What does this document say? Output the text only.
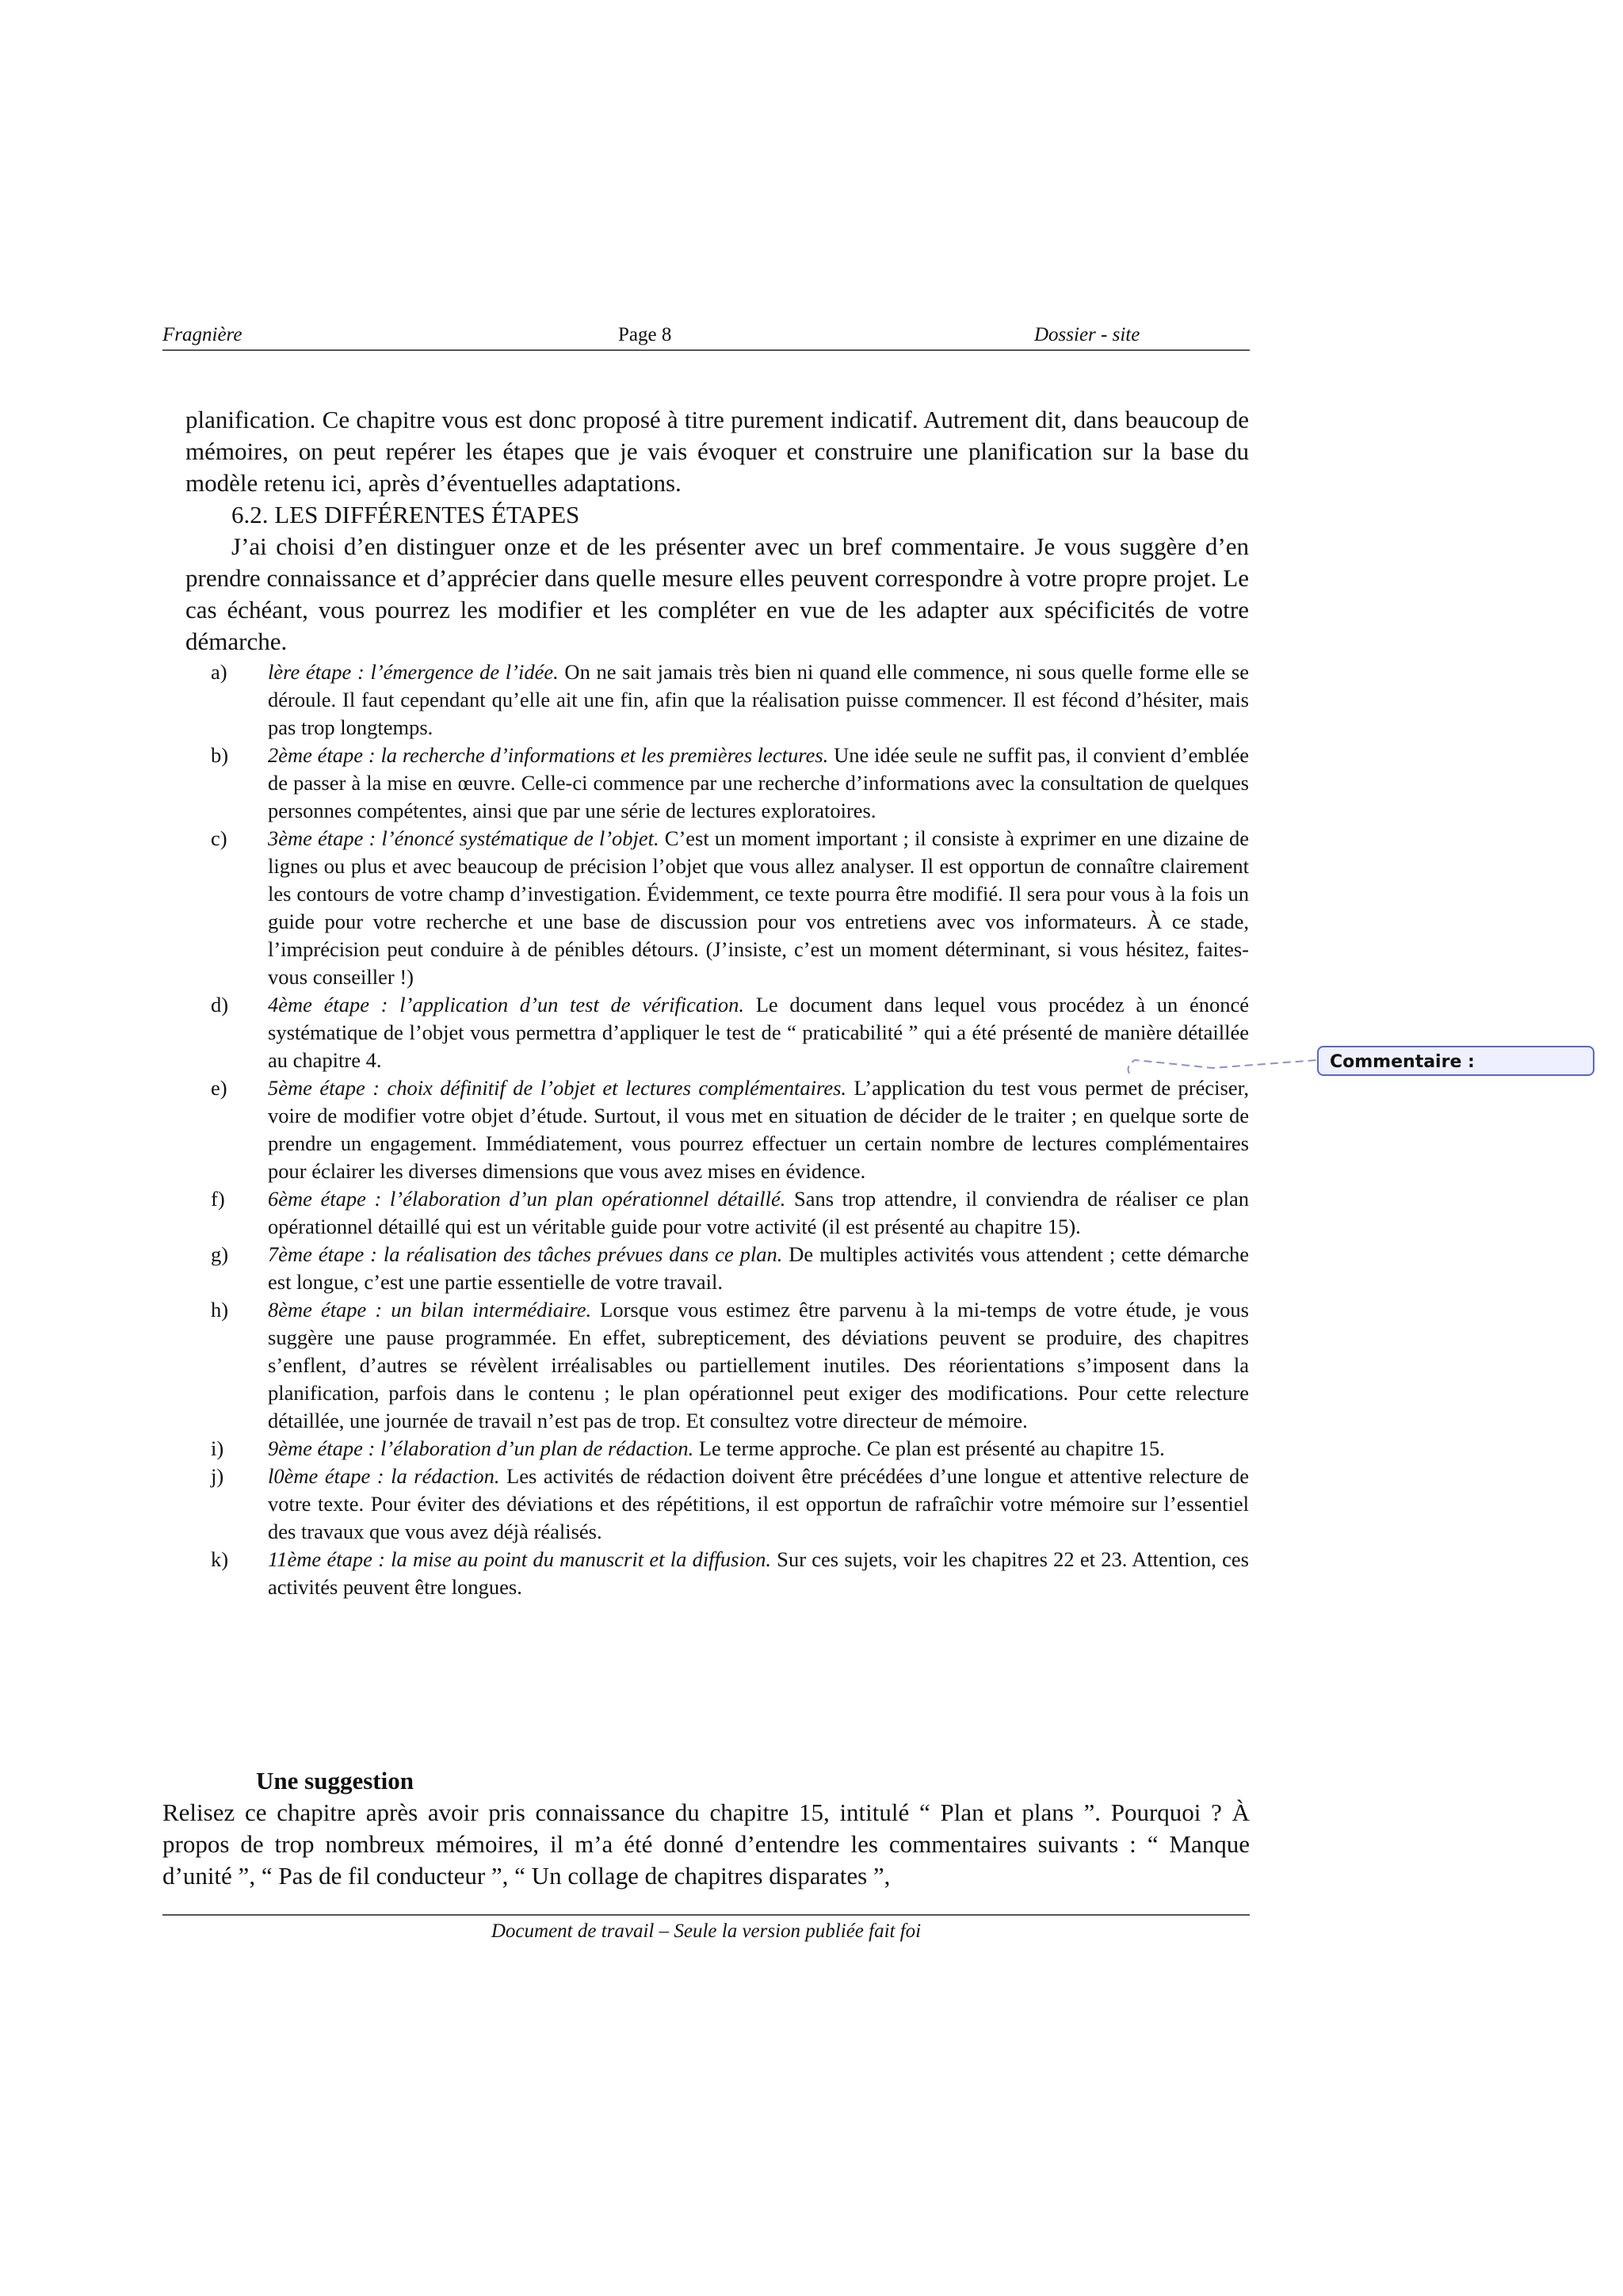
Fragnière	Page 8	Dossier - site

planification. Ce chapitre vous est donc proposé à titre purement indicatif. Autrement dit, dans beaucoup de mémoires, on peut repérer les étapes que je vais évoquer et construire une planification sur la base du modèle retenu ici, après d’éventuelles adaptations.

6.2. LES DIFFÉRENTES ÉTAPES

J’ai choisi d’en distinguer onze et de les présenter avec un bref commentaire. Je vous suggère d’en prendre connaissance et d’apprécier dans quelle mesure elles peuvent correspondre à votre propre projet. Le cas échéant, vous pourrez les modifier et les compléter en vue de les adapter aux spécificités de votre démarche.

a) lère étape : l’émergence de l’idée. On ne sait jamais très bien ni quand elle commence, ni sous quelle forme elle se déroule. Il faut cependant qu’elle ait une fin, afin que la réalisation puisse commencer. Il est fécond d’hésiter, mais pas trop longtemps.

b) 2ème étape : la recherche d’informations et les premières lectures. Une idée seule ne suffit pas, il convient d’emblée de passer à la mise en œuvre. Celle-ci commence par une recherche d’informations avec la consultation de quelques personnes compétentes, ainsi que par une série de lectures exploratoires.

c) 3ème étape : l’énoncé systématique de l’objet. C’est un moment important ; il consiste à exprimer en une dizaine de lignes ou plus et avec beaucoup de précision l’objet que vous allez analyser. Il est opportun de connaître clairement les contours de votre champ d’investigation. Évidemment, ce texte pourra être modifié. Il sera pour vous à la fois un guide pour votre recherche et une base de discussion pour vos entretiens avec vos informateurs. À ce stade, l’imprécision peut conduire à de pénibles détours. (J’insiste, c’est un moment déterminant, si vous hésitez, faites-vous conseiller !)

d) 4ème étape : l’application d’un test de vérification. Le document dans lequel vous procédez à un énoncé systématique de l’objet vous permettra d’appliquer le test de “ praticabilité ” qui a été présenté de manière détaillée au chapitre 4.

e) 5ème étape : choix définitif de l’objet et lectures complémentaires. L’application du test vous permet de préciser, voire de modifier votre objet d’étude. Surtout, il vous met en situation de décider de le traiter ; en quelque sorte de prendre un engagement. Immédiatement, vous pourrez effectuer un certain nombre de lectures complémentaires pour éclairer les diverses dimensions que vous avez mises en évidence.

f) 6ème étape : l’élaboration d’un plan opérationnel détaillé. Sans trop attendre, il conviendra de réaliser ce plan opérationnel détaillé qui est un véritable guide pour votre activité (il est présenté au chapitre 15).

g) 7ème étape : la réalisation des tâches prévues dans ce plan. De multiples activités vous attendent ; cette démarche est longue, c’est une partie essentielle de votre travail.

h) 8ème étape : un bilan intermédiaire. Lorsque vous estimez être parvenu à la mi-temps de votre étude, je vous suggère une pause programmée. En effet, subrepticement, des déviations peuvent se produire, des chapitres s’enflent, d’autres se révèlent irréalisables ou partiellement inutiles. Des réorientations s’imposent dans la planification, parfois dans le contenu ; le plan opérationnel peut exiger des modifications. Pour cette relecture détaillée, une journée de travail n’est pas de trop. Et consultez votre directeur de mémoire.

i) 9ème étape : l’élaboration d’un plan de rédaction. Le terme approche. Ce plan est présenté au chapitre 15.

j) l0ème étape : la rédaction. Les activités de rédaction doivent être précédées d’une longue et attentive relecture de votre texte. Pour éviter des déviations et des répétitions, il est opportun de rafraîchir votre mémoire sur l’essentiel des travaux que vous avez déjà réalisés.

k) 11ème étape : la mise au point du manuscrit et la diffusion. Sur ces sujets, voir les chapitres 22 et 23. Attention, ces activités peuvent être longues.

Une suggestion

Relisez ce chapitre après avoir pris connaissance du chapitre 15, intitulé “ Plan et plans ”. Pourquoi ? À propos de trop nombreux mémoires, il m’a été donné d’entendre les commentaires suivants : “ Manque d’unité ”, “ Pas de fil conducteur ”, “ Un collage de chapitres disparates ”,

Document de travail – Seule la version publiée fait foi
Commentaire :
